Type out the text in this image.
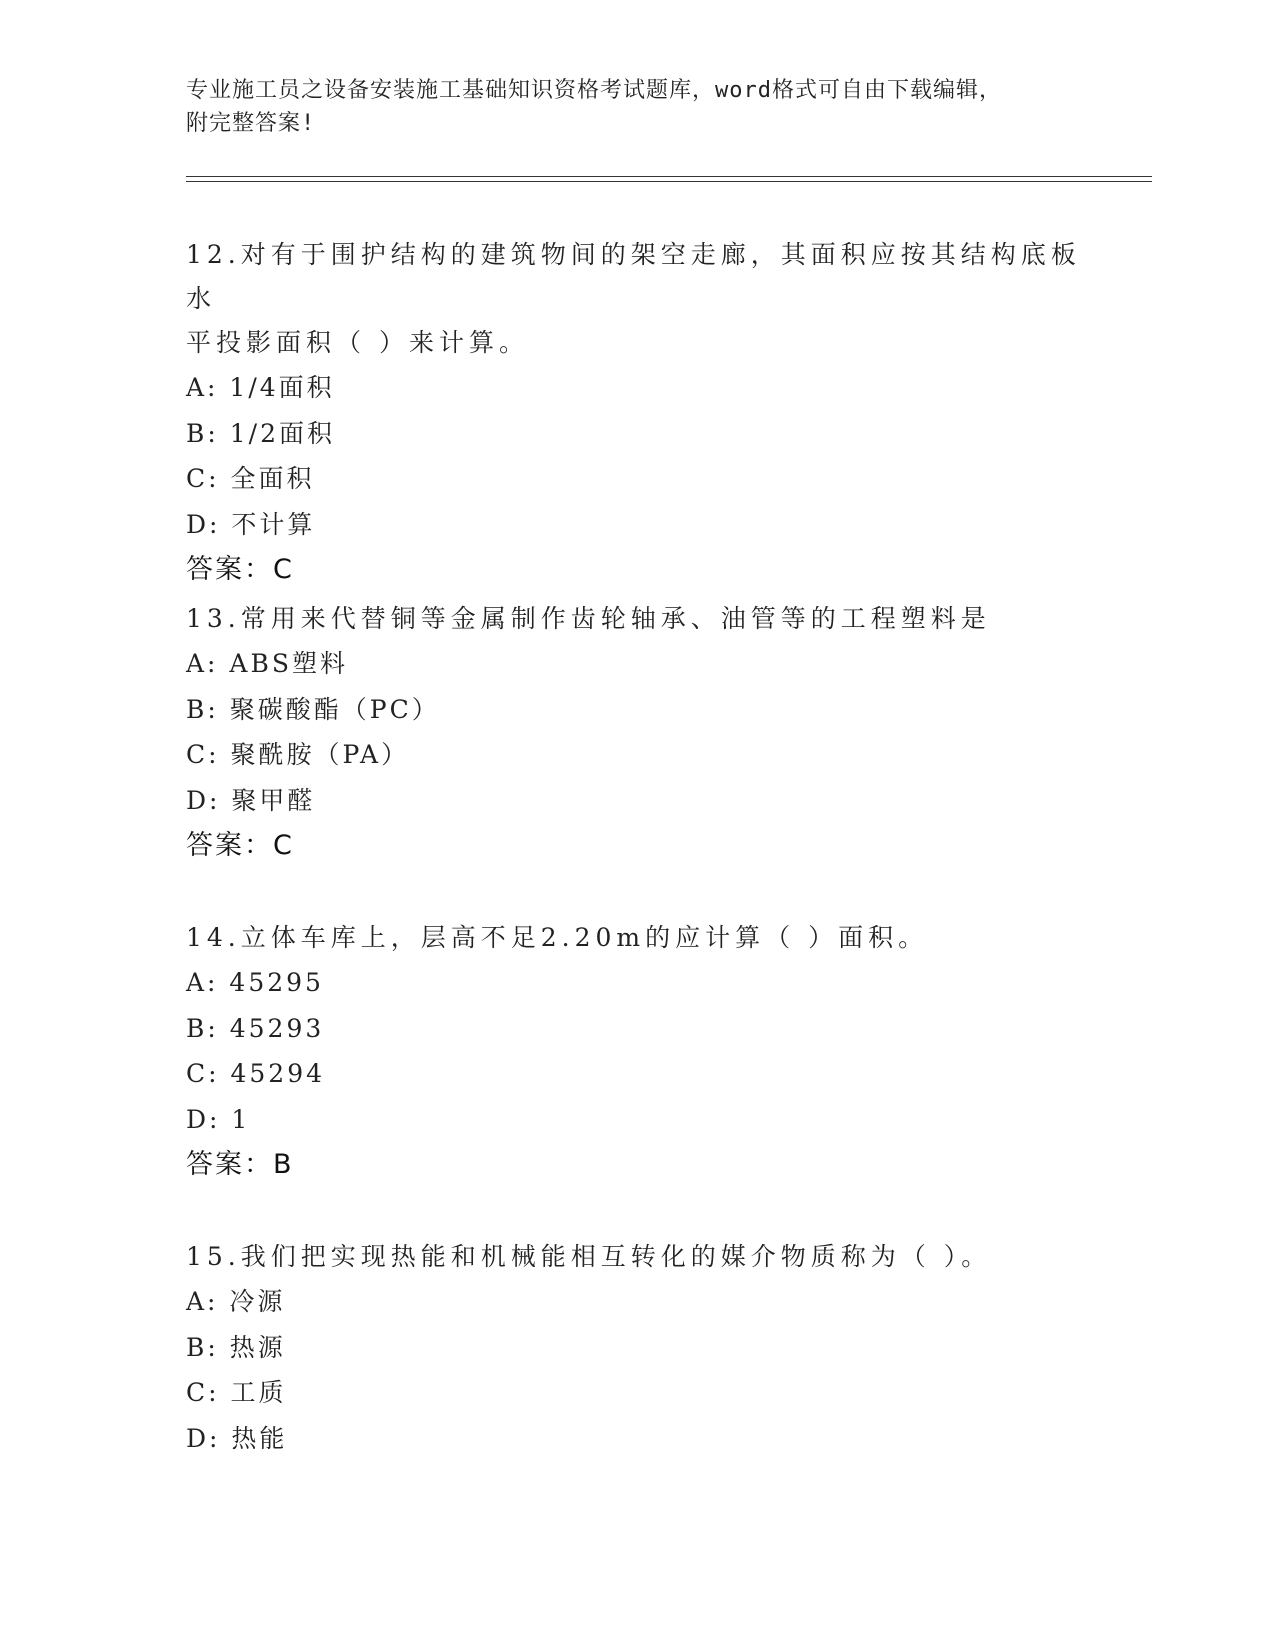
专业施工员之设备安装施工基础知识资格考试题库，word格式可自由下载编辑，
附完整答案!
12.对有于围护结构的建筑物间的架空走廊，其面积应按其结构底板水
平投影面积（ ）来计算。
A: 1/4面积
B: 1/2面积
C: 全面积
D: 不计算
答案：C
13.常用来代替铜等金属制作齿轮轴承、油管等的工程塑料是
A: ABS塑料
B: 聚碳酸酯（PC）
C: 聚酰胺（PA）
D: 聚甲醛
答案：C
14.立体车库上，层高不足2.20m的应计算（ ）面积。
A: 45295
B: 45293
C: 45294
D: 1
答案：B
15.我们把实现热能和机械能相互转化的媒介物质称为（ ）。
A: 冷源
B: 热源
C: 工质
D: 热能
